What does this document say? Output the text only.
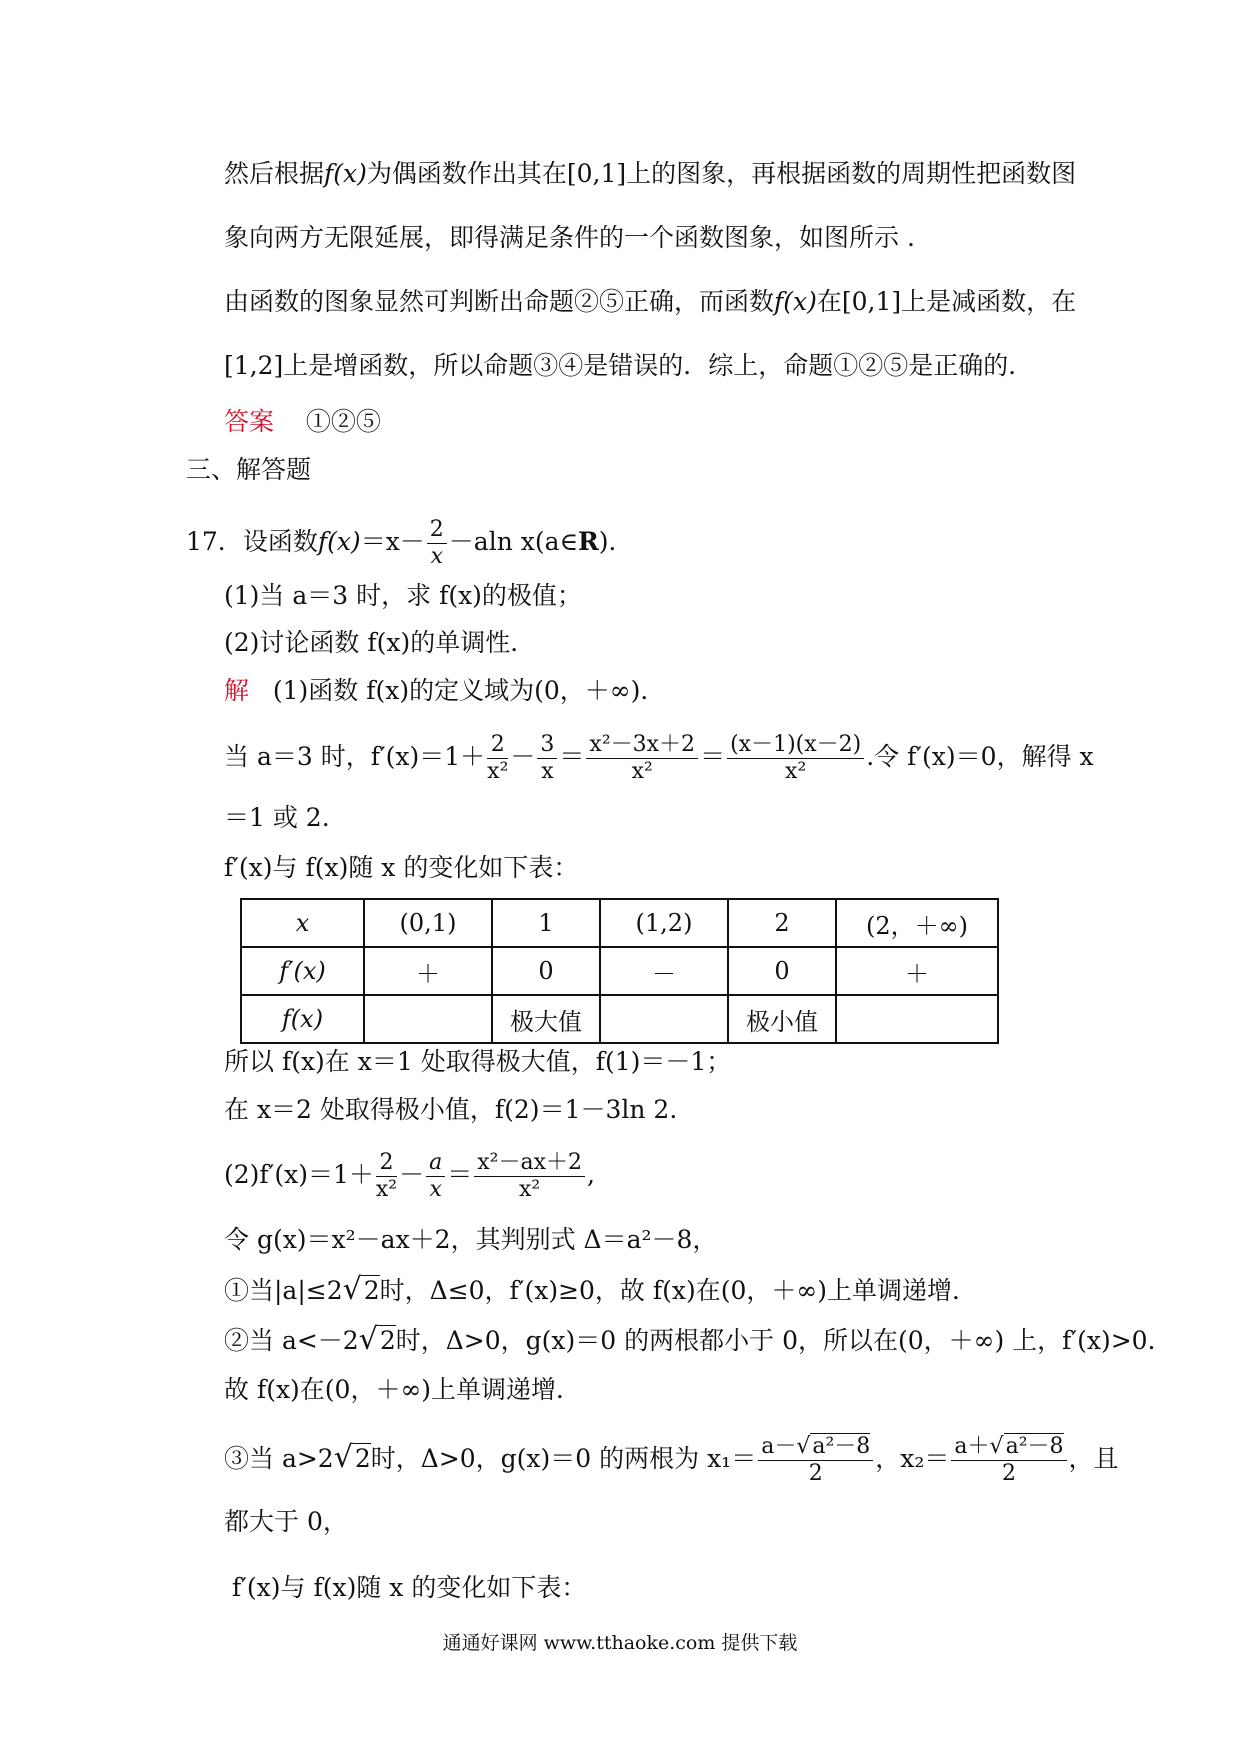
然后根据f(x)为偶函数作出其在[0,1]上的图象，再根据函数的周期性把函数图
象向两方无限延展，即得满足条件的一个函数图象，如图所示 .
由函数的图象显然可判断出命题②⑤正确，而函数f(x)在[0,1]上是减函数，在
[1,2]上是增函数，所以命题③④是错误的．综上，命题①②⑤是正确的．
答案 ①②⑤
三、解答题
17．设函数$f(x)=x- \frac{2}{x} -aln$ x(a∈R)．
(1)当 a＝3 时，求 f(x)的极值；
(2)讨论函数 f(x)的单调性．
解 (1)函数 f(x)的定义域为(0，＋∞)．
当 a＝3 时，$f'(x)=1+ \frac{2}{\text{x²}} - \frac{3}{x} = \frac{\text{x²－3x＋2}}{\text{x²}} = \frac{(x-1)(x-2)}{\text{x²}}$ .令 f′(x)＝0，解得 x
＝1 或 2.
f′(x)与 f(x)随 x 的变化如下表：
x	(0,1)	1	(1,2)	2	(2，＋∞)
f′(x)	＋	0	－	0	＋
f(x)		极大值		极小值	
所以 f(x)在 x＝1 处取得极大值，f(1)＝－1；
在 x＝2 处取得极小值，f(2)＝1－3ln 2.
$(2)f'(x)=1+ \frac{2}{\text{x²}} - \frac{a}{x} = \frac{\text{x²－ax＋2}}{\text{x²}}$ ,
令 g(x)＝x²－ax＋2，其判别式 Δ＝a²－8，
①当|a|≤2√2时，Δ≤0，f′(x)≥0，故 f(x)在(0，＋∞)上单调递增．
②当 a<－2√2时，Δ>0，g(x)＝0 的两根都小于 0，所以在(0，＋∞) 上，f′(x)>0.
故 f(x)在(0，＋∞)上单调递增．
③当 a>2√2时，Δ>0，g(x)＝0 的两根为 $x_1= \frac{\text{a－√a²－8}}{2}$ ，$x_2= \frac{\text{a＋√a²－8}}{2}$ ，且
都大于 0，
f′(x)与 f(x)随 x 的变化如下表：
通通好课网 www.tthaoke.com 提供下载
